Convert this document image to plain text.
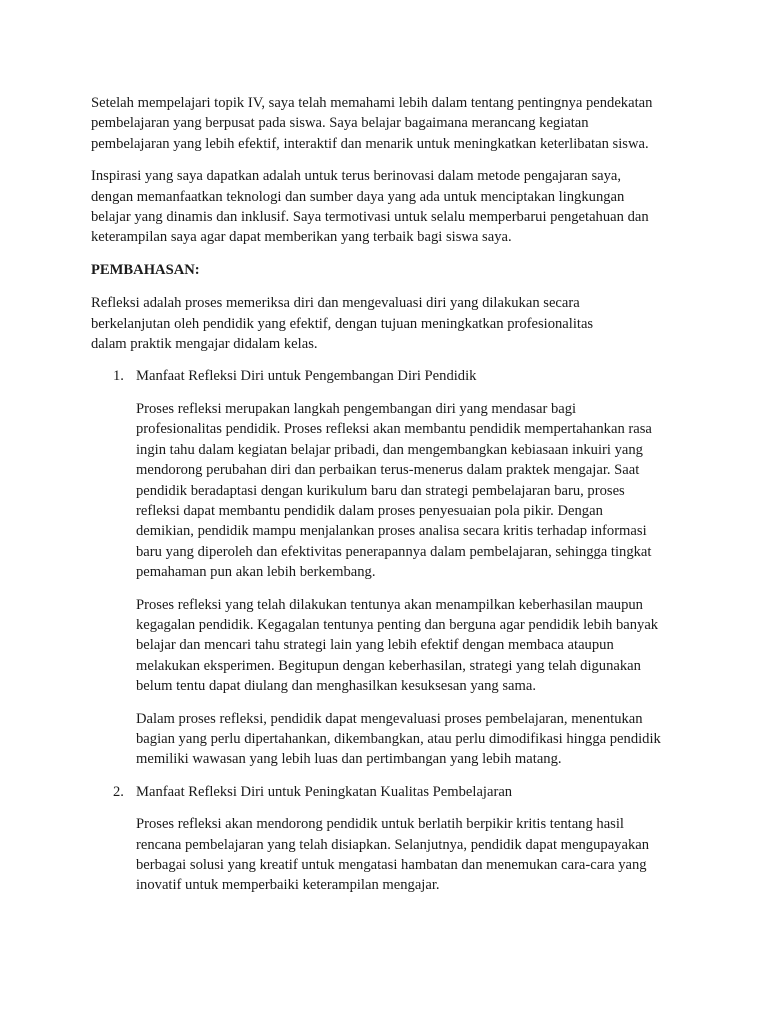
Setelah mempelajari topik IV, saya telah memahami lebih dalam tentang pentingnya pendekatan
pembelajaran yang berpusat pada siswa. Saya belajar bagaimana merancang kegiatan
pembelajaran yang lebih efektif, interaktif dan menarik untuk meningkatkan keterlibatan siswa.

Inspirasi yang saya dapatkan adalah untuk terus berinovasi dalam metode pengajaran saya,
dengan memanfaatkan teknologi dan sumber daya yang ada untuk menciptakan lingkungan
belajar yang dinamis dan inklusif. Saya termotivasi untuk selalu memperbarui pengetahuan dan
keterampilan saya agar dapat memberikan yang terbaik bagi siswa saya.

PEMBAHASAN:

Refleksi adalah proses memeriksa diri dan mengevaluasi diri yang dilakukan secara
berkelanjutan oleh pendidik yang efektif, dengan tujuan meningkatkan profesionalitas
dalam praktik mengajar didalam kelas.

1. Manfaat Refleksi Diri untuk Pengembangan Diri Pendidik

Proses refleksi merupakan langkah pengembangan diri yang mendasar bagi
profesionalitas pendidik. Proses refleksi akan membantu pendidik mempertahankan rasa
ingin tahu dalam kegiatan belajar pribadi, dan mengembangkan kebiasaan inkuiri yang
mendorong perubahan diri dan perbaikan terus-menerus dalam praktek mengajar. Saat
pendidik beradaptasi dengan kurikulum baru dan strategi pembelajaran baru, proses
refleksi dapat membantu pendidik dalam proses penyesuaian pola pikir. Dengan
demikian, pendidik mampu menjalankan proses analisa secara kritis terhadap informasi
baru yang diperoleh dan efektivitas penerapannya dalam pembelajaran, sehingga tingkat
pemahaman pun akan lebih berkembang.

Proses refleksi yang telah dilakukan tentunya akan menampilkan keberhasilan maupun
kegagalan pendidik. Kegagalan tentunya penting dan berguna agar pendidik lebih banyak
belajar dan mencari tahu strategi lain yang lebih efektif dengan membaca ataupun
melakukan eksperimen. Begitupun dengan keberhasilan, strategi yang telah digunakan
belum tentu dapat diulang dan menghasilkan kesuksesan yang sama.

Dalam proses refleksi, pendidik dapat mengevaluasi proses pembelajaran, menentukan
bagian yang perlu dipertahankan, dikembangkan, atau perlu dimodifikasi hingga pendidik
memiliki wawasan yang lebih luas dan pertimbangan yang lebih matang.

2. Manfaat Refleksi Diri untuk Peningkatan Kualitas Pembelajaran

Proses refleksi akan mendorong pendidik untuk berlatih berpikir kritis tentang hasil
rencana pembelajaran yang telah disiapkan. Selanjutnya, pendidik dapat mengupayakan
berbagai solusi yang kreatif untuk mengatasi hambatan dan menemukan cara-cara yang
inovatif untuk memperbaiki keterampilan mengajar.
